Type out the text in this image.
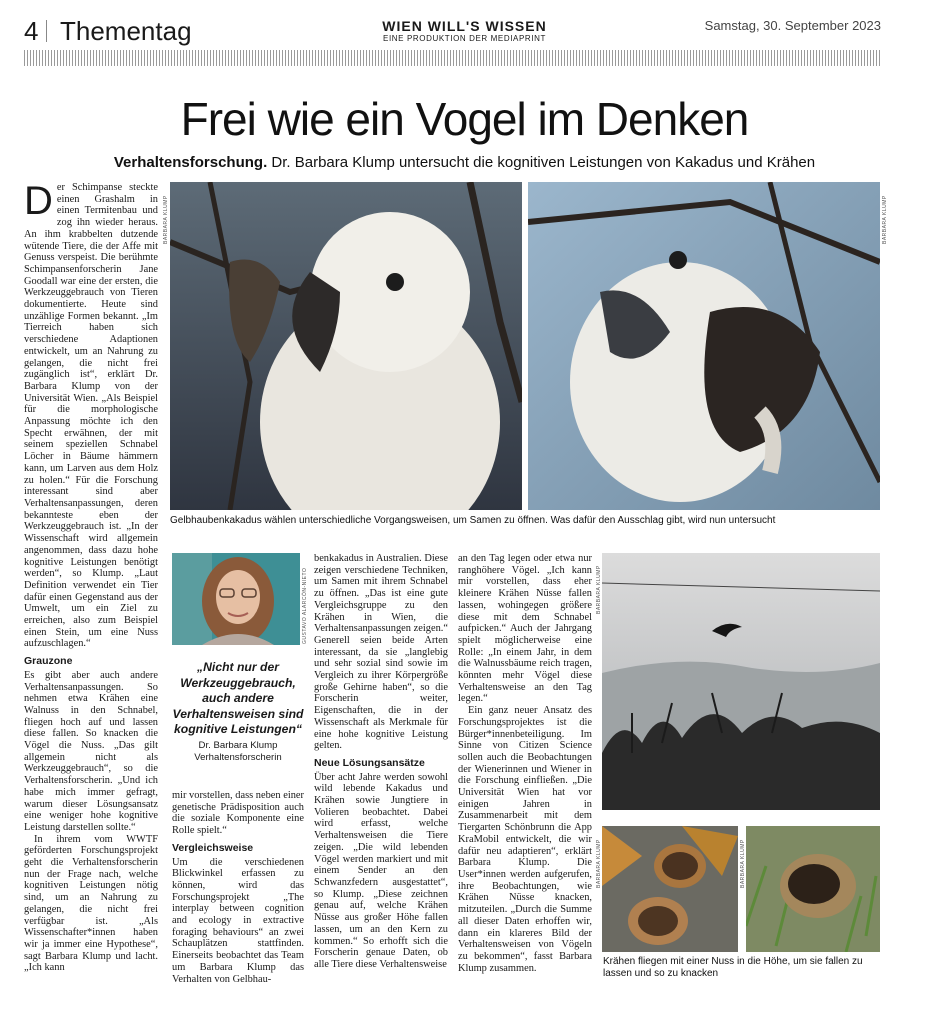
4 Thementag	WIEN WILL'S WISSEN
EINE PRODUKTION DER MEDIAPRINT
Samstag, 30. September 2023
Frei wie ein Vogel im Denken
Verhaltensforschung. Dr. Barbara Klump untersucht die kognitiven Leistungen von Kakadus und Krähen
D er Schimpanse steckte einen Grashalm in einen Termitenbau und zog ihn wieder heraus. An ihm krabbelten dutzende wütende Tiere, die der Affe mit Genuss verspeist. Die berühmte Schimpansenforscherin Jane Goodall war eine der ersten, die Werkzeuggebrauch von Tieren dokumentierte. Heute sind unzählige Formen bekannt. „Im Tierreich haben sich verschiedene Adaptionen entwickelt, um an Nahrung zu gelangen, die nicht frei zugänglich ist“, erklärt Dr. Barbara Klump von der Universität Wien. „Als Beispiel für die morphologische Anpassung möchte ich den Specht erwähnen, der mit seinem speziellen Schnabel Löcher in Bäume hämmern kann, um Larven aus dem Holz zu holen.“ Für die Forschung interessant sind aber Verhaltensanpassungen, deren bekannteste eben der Werkzeuggebrauch ist. „In der Wissenschaft wird allgemein angenommen, dass dazu hohe kognitive Leistungen benötigt werden“, so Klump. „Laut Definition verwendet ein Tier dafür einen Gegenstand aus der Umwelt, um ein Ziel zu erreichen, also zum Beispiel einen Stein, um eine Nuss aufzuschlagen.“

Grauzone

Es gibt aber auch andere Verhaltensanpassungen. So nehmen etwa Krähen eine Walnuss in den Schnabel, fliegen hoch auf und lassen diese fallen. So knacken die Vögel die Nuss. „Das gilt allgemein nicht als Werkzeuggebrauch“, so die Verhaltensforscherin. „Und ich habe mich immer gefragt, warum dieser Lösungsansatz eine weniger hohe kognitive Leistung darstellen sollte.“

In ihrem vom WWTF geförderten Forschungsprojekt geht die Verhaltensforscherin nun der Frage nach, welche kognitiven Leistungen nötig sind, um an Nahrung zu gelangen, die nicht frei verfügbar ist. „Als Wissenschafter*innen haben wir ja immer eine Hypothese“, sagt Barbara Klump und lacht. „Ich kann

BARBARA KLUMP	BARBARA KLUMP
Gelbhaubenkakadus wählen unterschiedliche Vorgangsweisen, um Samen zu öffnen. Was dafür den Ausschlag gibt, wird nun untersucht
GUSTAVO ALARCÓN-NIETO
„Nicht nur der Werkzeuggebrauch, auch andere Verhaltensweisen sind kognitive Leistungen“
Dr. Barbara Klump
Verhaltensforscherin

mir vorstellen, dass neben einer genetische Prädisposition auch die soziale Komponente eine Rolle spielt.“

Vergleichsweise

Um die verschiedenen Blickwinkel erfassen zu können, wird das Forschungsprojekt „The interplay between cognition and ecology in extractive foraging behaviours“ an zwei Schauplätzen stattfinden. Einerseits beobachtet das Team um Barbara Klump das Verhalten von Gelbhau-

benkakadus in Australien. Diese zeigen verschiedene Techniken, um Samen mit ihrem Schnabel zu öffnen. „Das ist eine gute Vergleichsgruppe zu den Krähen in Wien, die Verhaltensanpassungen zeigen.“ Generell seien beide Arten interessant, da sie „langlebig und sehr sozial sind sowie im Vergleich zu ihrer Körpergröße große Gehirne haben“, so die Forscherin weiter, Eigenschaften, die in der Wissenschaft als Merkmale für eine hohe kognitive Leistung gelten.

Neue Lösungsansätze

Über acht Jahre werden sowohl wild lebende Kakadus und Krähen sowie Jungtiere in Volieren beobachtet. Dabei wird erfasst, welche Verhaltensweisen die Tiere zeigen. „Die wild lebenden Vögel werden markiert und mit einem Sender an den Schwanzfedern ausgestattet“, so Klump. „Diese zeichnen genau auf, welche Krähen Nüsse aus großer Höhe fallen lassen, um an den Kern zu kommen.“ So erhofft sich die Forscherin genaue Daten, ob alle Tiere diese Verhaltensweise

an den Tag legen oder etwa nur ranghöhere Vögel. „Ich kann mir vorstellen, dass eher kleinere Krähen Nüsse fallen lassen, wohingegen größere diese mit dem Schnabel aufpicken.“ Auch der Jahrgang spielt möglicherweise eine Rolle: „In einem Jahr, in dem die Walnussbäume reich tragen, könnten mehr Vögel diese Verhaltensweise an den Tag legen.“

Ein ganz neuer Ansatz des Forschungsprojektes ist die Bürger*innenbeteiligung. Im Sinne von Citizen Science sollen auch die Beobachtungen der Wienerinnen und Wiener in die Forschung einfließen. „Die Universität Wien hat vor einigen Jahren in Zusammenarbeit mit dem Tiergarten Schönbrunn die App KraMobil entwickelt, die wir dafür neu adaptieren“, erklärt Barbara Klump. Die User*innen werden aufgerufen, ihre Beobachtungen, wie Krähen Nüsse knacken, mitzuteilen. „Durch die Summe all dieser Daten erhoffen wir, dann ein klareres Bild der Verhaltensweisen von Vögeln zu bekommen“, fasst Barbara Klump zusammen.

BARBARA KLUMP
BARBARA KLUMP	BARBARA KLUMP
Krähen fliegen mit einer Nuss in die Höhe, um sie fallen zu lassen und so zu knacken
